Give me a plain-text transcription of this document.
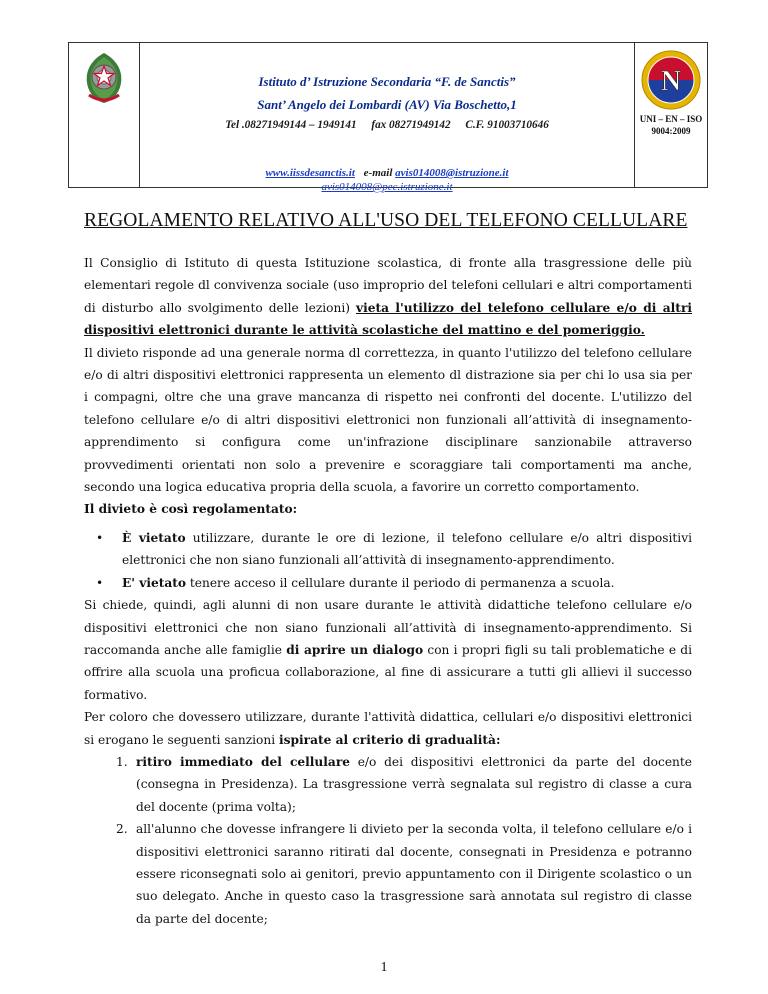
Istituto d’ Istruzione Secondaria “F. de Sanctis”
Sant’ Angelo dei Lombardi (AV) Via Boschetto,1
Tel .08271949144 – 1949141 fax 08271949142 C.F. 91003710646
www.iissdesanctis.it e-mail avis014008@istruzione.it
avis014008@pec.istruzione.it
N
UNI – EN – ISO
9004:2009
REGOLAMENTO RELATIVO ALL'USO DEL TELEFONO CELLULARE

Il Consiglio di Istituto di questa Istituzione scolastica, di fronte alla trasgressione delle più elementari regole dl convivenza sociale (uso improprio del telefoni cellulari e altri comportamenti di disturbo allo svolgimento delle lezioni) vieta l'utilizzo del telefono cellulare e/o di altri dispositivi elettronici durante le attività scolastiche del mattino e del pomeriggio.

Il divieto risponde ad una generale norma dl correttezza, in quanto l'utilizzo del telefono cellulare e/o di altri dispositivi elettronici rappresenta un elemento dl distrazione sia per chi lo usa sia per i compagni, oltre che una grave mancanza di rispetto nei confronti del docente. L'utilizzo del telefono cellulare e/o di altri dispositivi elettronici non funzionali all’attività di insegnamento-apprendimento si configura come un'infrazione disciplinare sanzionabile attraverso provvedimenti orientati non solo a prevenire e scoraggiare tali comportamenti ma anche, secondo una logica educativa propria della scuola, a favorire un corretto comportamento.

Il divieto è così regolamentato:

• È vietato utilizzare, durante le ore di lezione, il telefono cellulare e/o altri dispositivi elettronici che non siano funzionali all’attività di insegnamento-apprendimento.
• E' vietato tenere acceso il cellulare durante il periodo di permanenza a scuola.

Si chiede, quindi, agli alunni di non usare durante le attività didattiche telefono cellulare e/o dispositivi elettronici che non siano funzionali all’attività di insegnamento-apprendimento. Si raccomanda anche alle famiglie di aprire un dialogo con i propri figli su tali problematiche e di offrire alla scuola una proficua collaborazione, al fine di assicurare a tutti gli allievi il successo formativo.

Per coloro che dovessero utilizzare, durante l'attività didattica, cellulari e/o dispositivi elettronici si erogano le seguenti sanzioni ispirate al criterio di gradualità:

1. ritiro immediato del cellulare e/o dei dispositivi elettronici da parte del docente (consegna in Presidenza). La trasgressione verrà segnalata sul registro di classe a cura del docente (prima volta);
2. all'alunno che dovesse infrangere li divieto per la seconda volta, il telefono cellulare e/o i dispositivi elettronici saranno ritirati dal docente, consegnati in Presidenza e potranno essere riconsegnati solo ai genitori, previo appuntamento con il Dirigente scolastico o un suo delegato. Anche in questo caso la trasgressione sarà annotata sul registro di classe da parte del docente;
1
